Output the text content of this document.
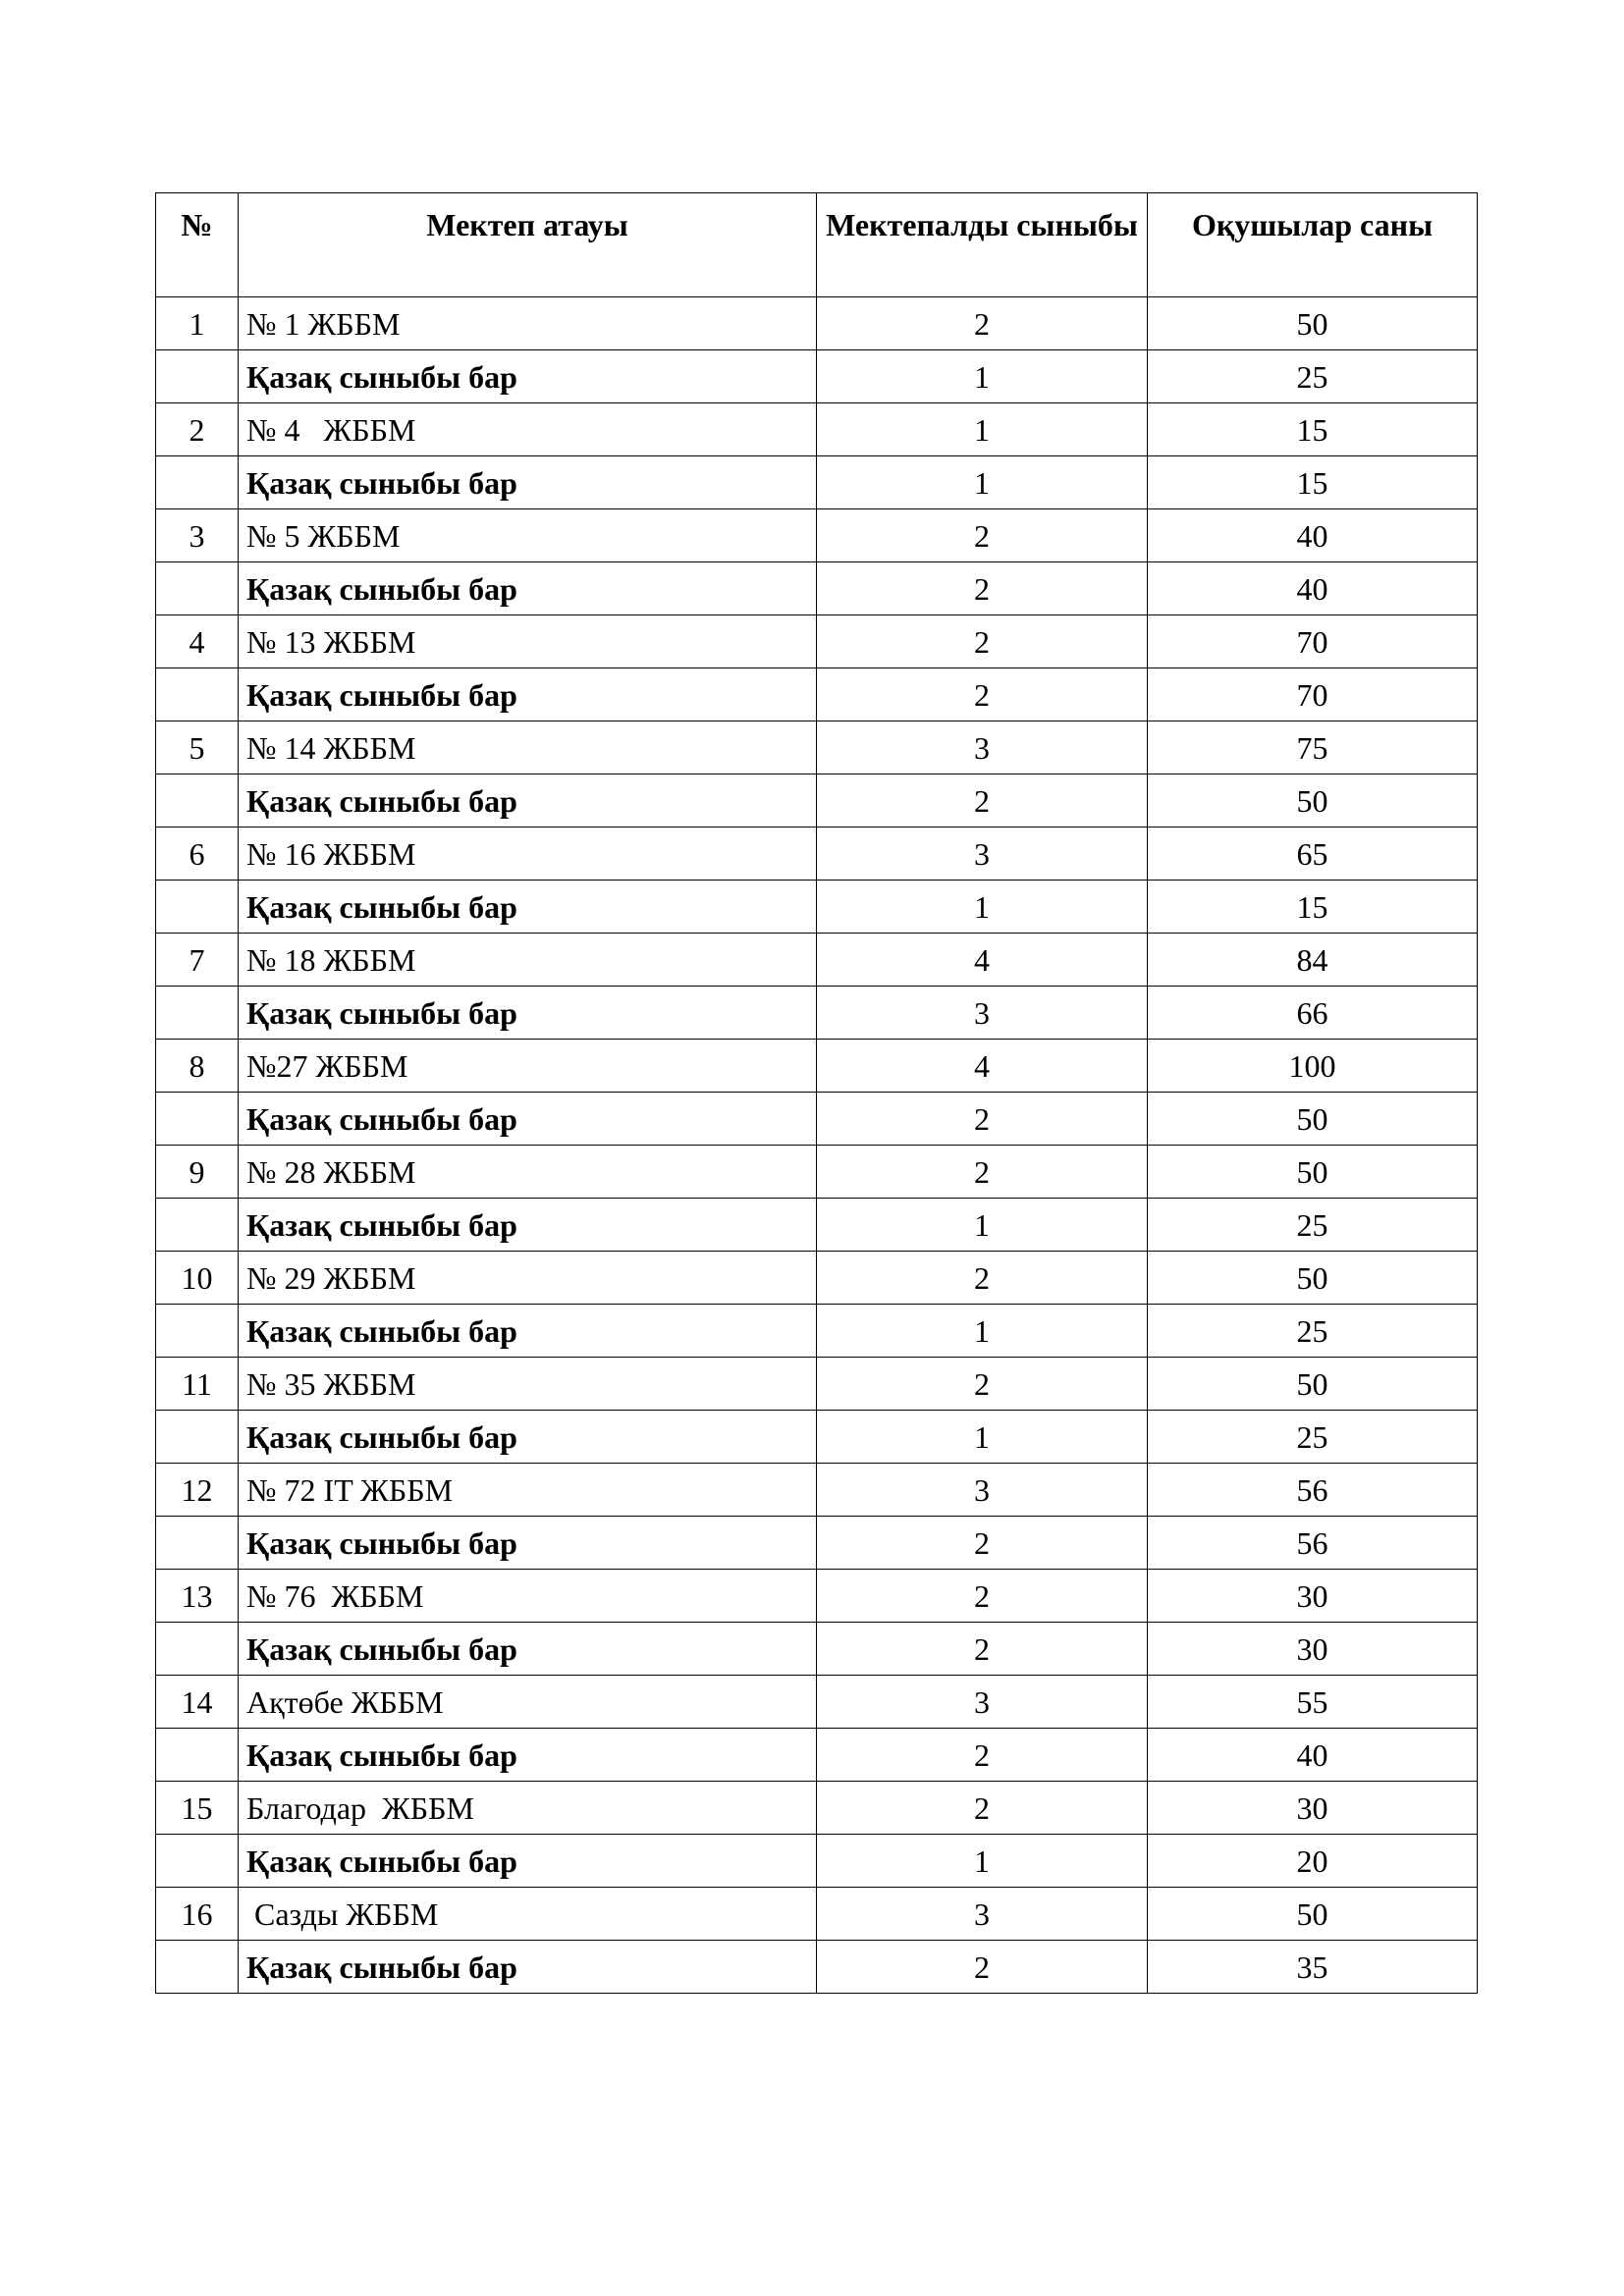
№	Мектеп атауы	Мектепалды сыныбы	Оқушылар саны
1	№ 1 ЖББМ	2	50
	Қазақ сыныбы бар	1	25
2	№ 4   ЖББМ	1	15
	Қазақ сыныбы бар	1	15
3	№ 5 ЖББМ	2	40
	Қазақ сыныбы бар	2	40
4	№ 13 ЖББМ	2	70
	Қазақ сыныбы бар	2	70
5	№ 14 ЖББМ	3	75
	Қазақ сыныбы бар	2	50
6	№ 16 ЖББМ	3	65
	Қазақ сыныбы бар	1	15
7	№ 18 ЖББМ	4	84
	Қазақ сыныбы бар	3	66
8	№27 ЖББМ	4	100
	Қазақ сыныбы бар	2	50
9	№ 28 ЖББМ	2	50
	Қазақ сыныбы бар	1	25
10	№ 29 ЖББМ	2	50
	Қазақ сыныбы бар	1	25
11	№ 35 ЖББМ	2	50
	Қазақ сыныбы бар	1	25
12	№ 72 IT ЖББМ	3	56
	Қазақ сыныбы бар	2	56
13	№ 76  ЖББМ	2	30
	Қазақ сыныбы бар	2	30
14	Ақтөбе ЖББМ	3	55
	Қазақ сыныбы бар	2	40
15	Благодар  ЖББМ	2	30
	Қазақ сыныбы бар	1	20
16	Сазды ЖББМ	3	50
	Қазақ сыныбы бар	2	35
